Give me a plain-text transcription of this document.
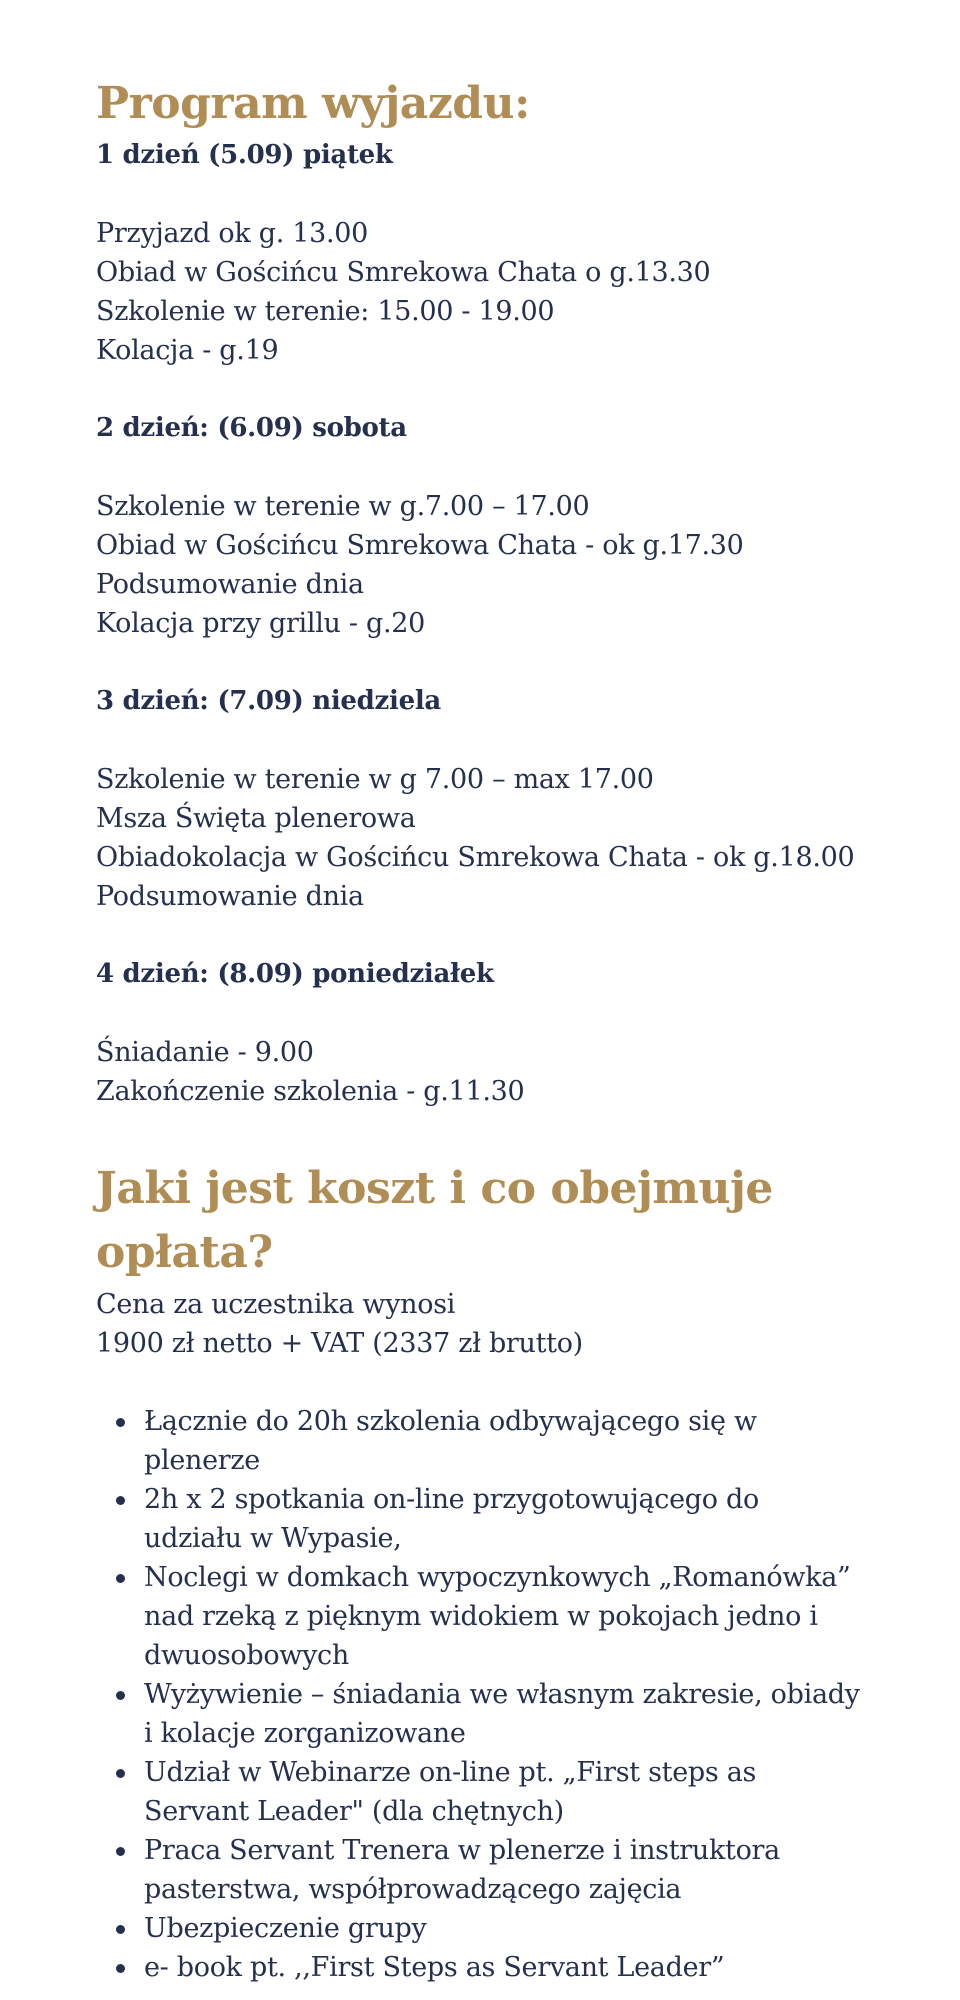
Program wyjazdu:

1 dzień (5.09) piątek

Przyjazd ok g. 13.00

Obiad w Gościńcu Smrekowa Chata o g.13.30

Szkolenie w terenie: 15.00 - 19.00

Kolacja - g.19

2 dzień: (6.09) sobota

Szkolenie w terenie w g.7.00 – 17.00

Obiad w Gościńcu Smrekowa Chata - ok g.17.30

Podsumowanie dnia

Kolacja przy grillu - g.20

3 dzień: (7.09) niedziela

Szkolenie w terenie w g 7.00 – max 17.00

Msza Święta plenerowa

Obiadokolacja w Gościńcu Smrekowa Chata - ok g.18.00

Podsumowanie dnia

4 dzień: (8.09) poniedziałek

Śniadanie - 9.00

Zakończenie szkolenia - g.11.30

Jaki jest koszt i co obejmuje opłata?

Cena za uczestnika wynosi

1900 zł netto + VAT (2337 zł brutto)

Łącznie do 20h szkolenia odbywającego się w plenerze
2h x 2 spotkania on-line przygotowującego do udziału w Wypasie,
Noclegi w domkach wypoczynkowych „Romanówka” nad rzeką z pięknym widokiem w pokojach jedno i dwuosobowych
Wyżywienie – śniadania we własnym zakresie, obiady i kolacje zorganizowane
Udział w Webinarze on-line pt. „First steps as Servant Leader" (dla chętnych)
Praca Servant Trenera w plenerze i instruktora pasterstwa, współprowadzącego zajęcia
Ubezpieczenie grupy
e- book pt. ,,First Steps as Servant Leader”
